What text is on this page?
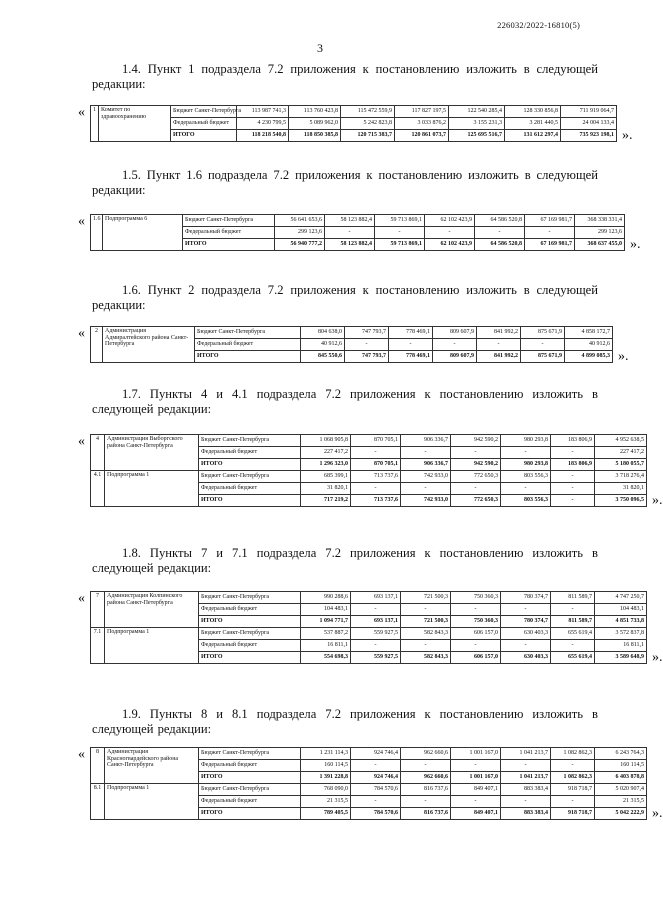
226032/2022-16810(5)
3

1.4. Пункт 1 подраздела 7.2 приложения к постановлению изложить в следующей редакции:

« 1	Комитет по здравоохранению	Бюджет Санкт-Петербурга	113 987 741,3	113 760 423,8	115 472 559,9	117 827 197,5	122 540 285,4	128 330 856,8	711 919 064,7
		Федеральный бюджет	4 230 799,5	5 089 962,0	5 242 823,8	3 033 876,2	3 155 231,3	3 281 440,5	24 004 133,4
		ИТОГО	118 218 540,8	118 850 385,8	120 715 383,7	120 861 073,7	125 695 516,7	131 612 297,4	735 923 198,1 ».

1.5. Пункт 1.6 подраздела 7.2 приложения к постановлению изложить в следующей редакции:

« 1.6	Подпрограмма 6	Бюджет Санкт-Петербурга	56 641 653,6	58 123 882,4	59 713 869,1	62 102 423,9	64 586 520,8	67 169 981,7	368 338 331,4
		Федеральный бюджет	299 123,6	-	-	-	-	-	299 123,6
		ИТОГО	56 940 777,2	58 123 882,4	59 713 869,1	62 102 423,9	64 586 520,8	67 169 981,7	368 637 455,0 ».

1.6. Пункт 2 подраздела 7.2 приложения к постановлению изложить в следующей редакции:

« 2	Администрация Адмиралтейского района Санкт-Петербурга	Бюджет Санкт-Петербурга	804 638,0	747 793,7	778 469,1	809 607,9	841 992,2	875 671,9	4 858 172,7
		Федеральный бюджет	40 912,6	-	-	-	-	-	40 912,6
		ИТОГО	845 550,6	747 793,7	778 469,1	809 607,9	841 992,2	875 671,9	4 899 085,3 ».

1.7. Пункты 4 и 4.1 подраздела 7.2 приложения к постановлению изложить в следующей редакции:

« 4	Администрация Выборгского района Санкт-Петербурга	Бюджет Санкт-Петербурга	1 068 905,8	870 705,1	906 336,7	942 590,2	980 293,8	183 806,9	4 952 638,5
		Федеральный бюджет	227 417,2	-	-	-	-	-	227 417,2
		ИТОГО	1 296 323,0	870 705,1	906 336,7	942 590,2	980 293,8	183 806,9	5 180 055,7
4.1	Подпрограмма 1	Бюджет Санкт-Петербурга	685 399,1	713 737,6	742 933,0	772 650,3	803 556,3	-	3 718 276,4
		Федеральный бюджет	31 820,1	-	-	-	-	-	31 820,1
		ИТОГО	717 219,2	713 737,6	742 933,0	772 650,3	803 556,3	-	3 750 096,5 ».

1.8. Пункты 7 и 7.1 подраздела 7.2 приложения к постановлению изложить в следующей редакции:

« 7	Администрация Колпинского района Санкт-Петербурга	Бюджет Санкт-Петербурга	990 288,6	693 137,1	721 500,3	750 360,3	780 374,7	811 589,7	4 747 250,7
		Федеральный бюджет	104 483,1	-	-	-	-	-	104 483,1
		ИТОГО	1 094 771,7	693 137,1	721 500,3	750 360,3	780 374,7	811 589,7	4 851 733,8
7.1	Подпрограмма 1	Бюджет Санкт-Петербурга	537 887,2	559 927,5	582 843,3	606 157,0	630 403,3	655 619,4	3 572 837,8
		Федеральный бюджет	16 811,1	-	-	-	-	-	16 811,1
		ИТОГО	554 698,3	559 927,5	582 843,3	606 157,0	630 403,3	655 619,4	3 589 648,9 ».

1.9. Пункты 8 и 8.1 подраздела 7.2 приложения к постановлению изложить в следующей редакции:

« 8	Администрация Красногвардейского района Санкт-Петербурга	Бюджет Санкт-Петербурга	1 231 114,3	924 746,4	962 660,6	1 001 167,0	1 041 213,7	1 082 862,3	6 243 764,3
		Федеральный бюджет	160 114,5	-	-	-	-	-	160 114,5
		ИТОГО	1 391 228,8	924 746,4	962 660,6	1 001 167,0	1 041 213,7	1 082 862,3	6 403 878,8
8.1	Подпрограмма 1	Бюджет Санкт-Петербурга	768 090,0	784 570,6	816 737,6	849 407,1	883 383,4	918 718,7	5 020 907,4
		Федеральный бюджет	21 315,5	-	-	-	-	-	21 315,5
		ИТОГО	789 405,5	784 570,6	816 737,6	849 407,1	883 383,4	918 718,7	5 042 222,9 ».
